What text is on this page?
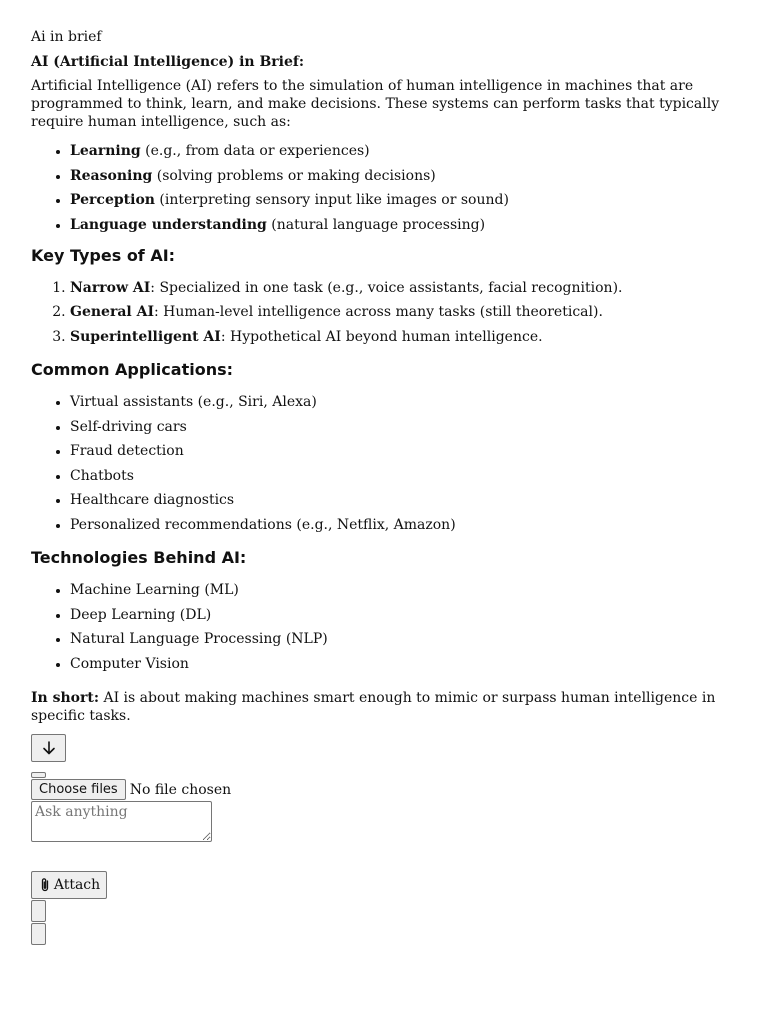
Ai in brief
AI (Artificial Intelligence) in Brief:

Artificial Intelligence (AI) refers to the simulation of human intelligence in machines that are programmed to think, learn, and make decisions. These systems can perform tasks that typically require human intelligence, such as:

• Learning (e.g., from data or experiences)
• Reasoning (solving problems or making decisions)
• Perception (interpreting sensory input like images or sound)
• Language understanding (natural language processing)
Key Types of AI:
1. Narrow AI: Specialized in one task (e.g., voice assistants, facial recognition).
2. General AI: Human-level intelligence across many tasks (still theoretical).
3. Superintelligent AI: Hypothetical AI beyond human intelligence.
Common Applications:
• Virtual assistants (e.g., Siri, Alexa)
• Self-driving cars
• Fraud detection
• Chatbots
• Healthcare diagnostics
• Personalized recommendations (e.g., Netflix, Amazon)
Technologies Behind AI:
• Machine Learning (ML)
• Deep Learning (DL)
• Natural Language Processing (NLP)
• Computer Vision

In short: AI is about making machines smart enough to mimic or surpass human intelligence in specific tasks.

Choose files No file chosen
Ask anything
Attach
